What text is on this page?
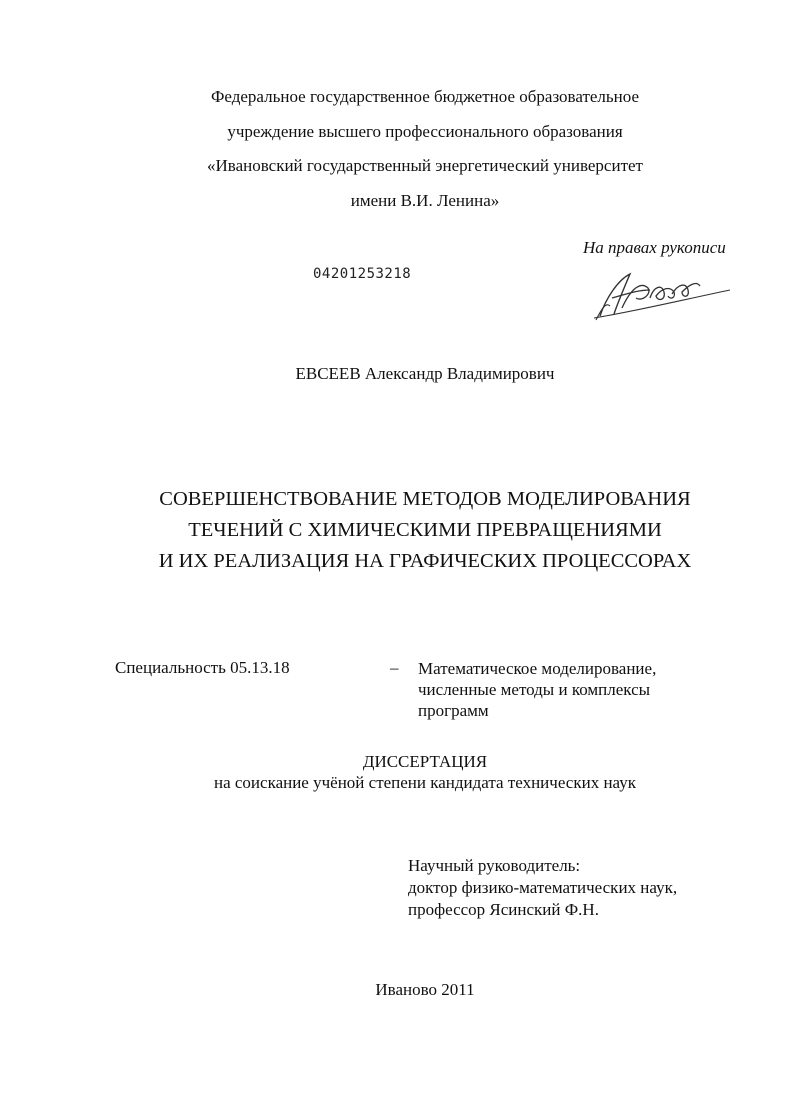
Федеральное государственное бюджетное образовательное
учреждение высшего профессионального образования
«Ивановский государственный энергетический университет
имени В.И. Ленина»
На правах рукописи
04201253218
ЕВСЕЕВ Александр Владимирович
СОВЕРШЕНСТВОВАНИЕ МЕТОДОВ МОДЕЛИРОВАНИЯ
ТЕЧЕНИЙ С ХИМИЧЕСКИМИ ПРЕВРАЩЕНИЯМИ
И ИХ РЕАЛИЗАЦИЯ НА ГРАФИЧЕСКИХ ПРОЦЕССОРАХ
Специальность 05.13.18	– Математическое моделирование,
численные методы и комплексы
программ
ДИССЕРТАЦИЯ
на соискание учёной степени кандидата технических наук
Научный руководитель:
доктор физико-математических наук,
профессор Ясинский Ф.Н.
Иваново 2011
